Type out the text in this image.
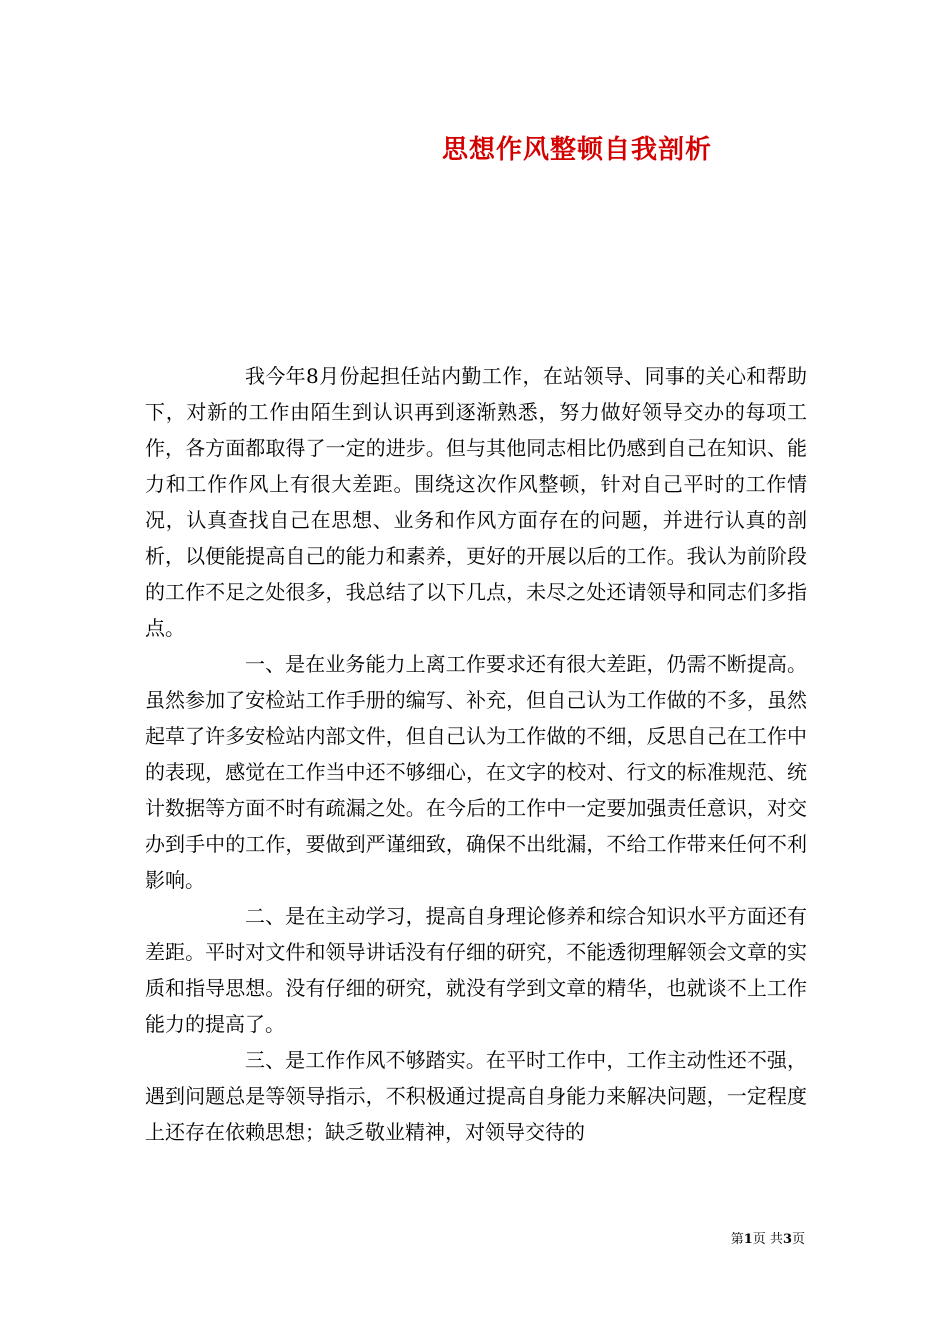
思想作风整顿自我剖析

我今年8月份起担任站内勤工作，在站领导、同事的关心和帮助下，对新的工作由陌生到认识再到逐渐熟悉，努力做好领导交办的每项工作，各方面都取得了一定的进步。但与其他同志相比仍感到自己在知识、能力和工作作风上有很大差距。围绕这次作风整顿，针对自己平时的工作情况，认真查找自己在思想、业务和作风方面存在的问题，并进行认真的剖析，以便能提高自己的能力和素养，更好的开展以后的工作。我认为前阶段的工作不足之处很多，我总结了以下几点，未尽之处还请领导和同志们多指点。

一、是在业务能力上离工作要求还有很大差距，仍需不断提高。虽然参加了安检站工作手册的编写、补充，但自己认为工作做的不多，虽然起草了许多安检站内部文件，但自己认为工作做的不细，反思自己在工作中的表现，感觉在工作当中还不够细心，在文字的校对、行文的标准规范、统计数据等方面不时有疏漏之处。在今后的工作中一定要加强责任意识，对交办到手中的工作，要做到严谨细致，确保不出纰漏，不给工作带来任何不利影响。

二、是在主动学习，提高自身理论修养和综合知识水平方面还有差距。平时对文件和领导讲话没有仔细的研究，不能透彻理解领会文章的实质和指导思想。没有仔细的研究，就没有学到文章的精华，也就谈不上工作能力的提高了。

三、是工作作风不够踏实。在平时工作中，工作主动性还不强，遇到问题总是等领导指示，不积极通过提高自身能力来解决问题，一定程度上还存在依赖思想；缺乏敬业精神，对领导交待的

第1页 共3页
